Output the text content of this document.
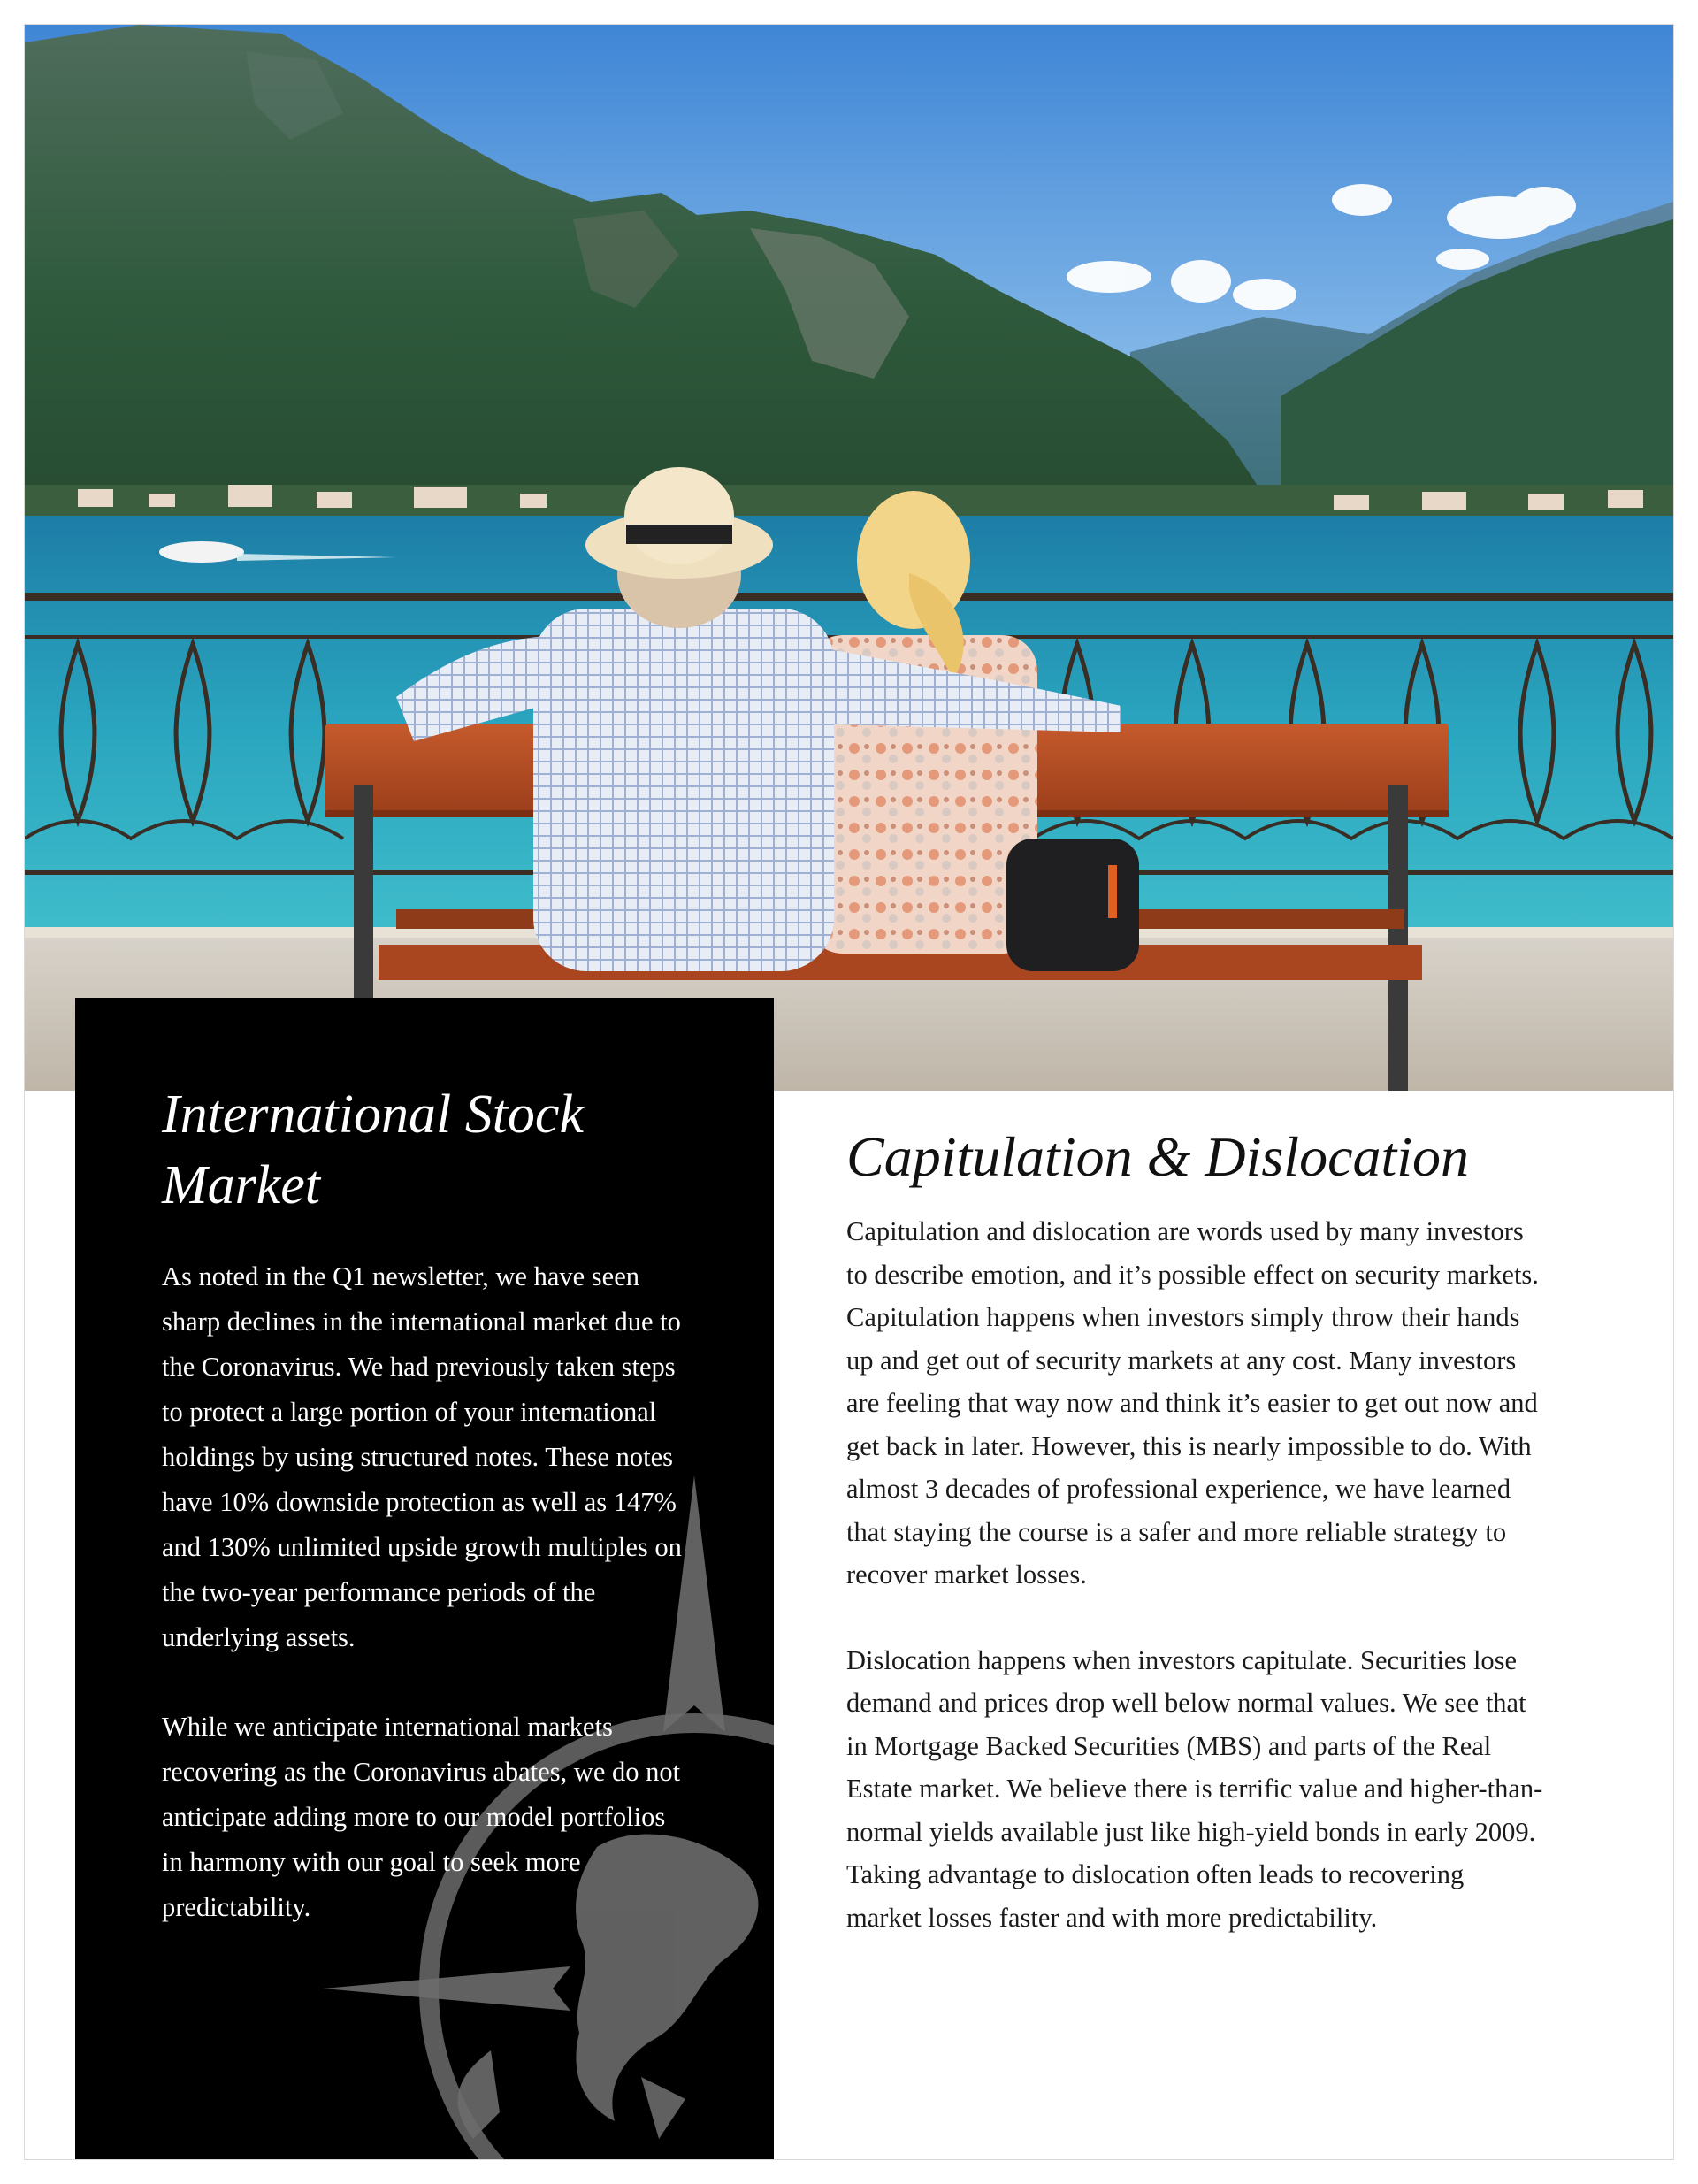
International Stock Market

As noted in the Q1 newsletter, we have seen sharp declines in the international market due to the Coronavirus. We had previously taken steps to protect a large portion of your international holdings by using structured notes. These notes have 10% downside protection as well as 147% and 130% unlimited upside growth multiples on the two-year performance periods of the underlying assets.

While we anticipate international markets recovering as the Coronavirus abates, we do not anticipate adding more to our model portfolios in harmony with our goal to seek more predictability.

Capitulation & Dislocation

Capitulation and dislocation are words used by many investors to describe emotion, and it’s possible effect on security markets. Capitulation happens when investors simply throw their hands up and get out of security markets at any cost. Many investors are feeling that way now and think it’s easier to get out now and get back in later. However, this is nearly impossible to do. With almost 3 decades of professional experience, we have learned that staying the course is a safer and more reliable strategy to recover market losses.

Dislocation happens when investors capitulate. Securities lose demand and prices drop well below normal values. We see that in Mortgage Backed Securities (MBS) and parts of the Real Estate market. We believe there is terrific value and higher-than-normal yields available just like high-yield bonds in early 2009. Taking advantage to dislocation often leads to recovering market losses faster and with more predictability.
